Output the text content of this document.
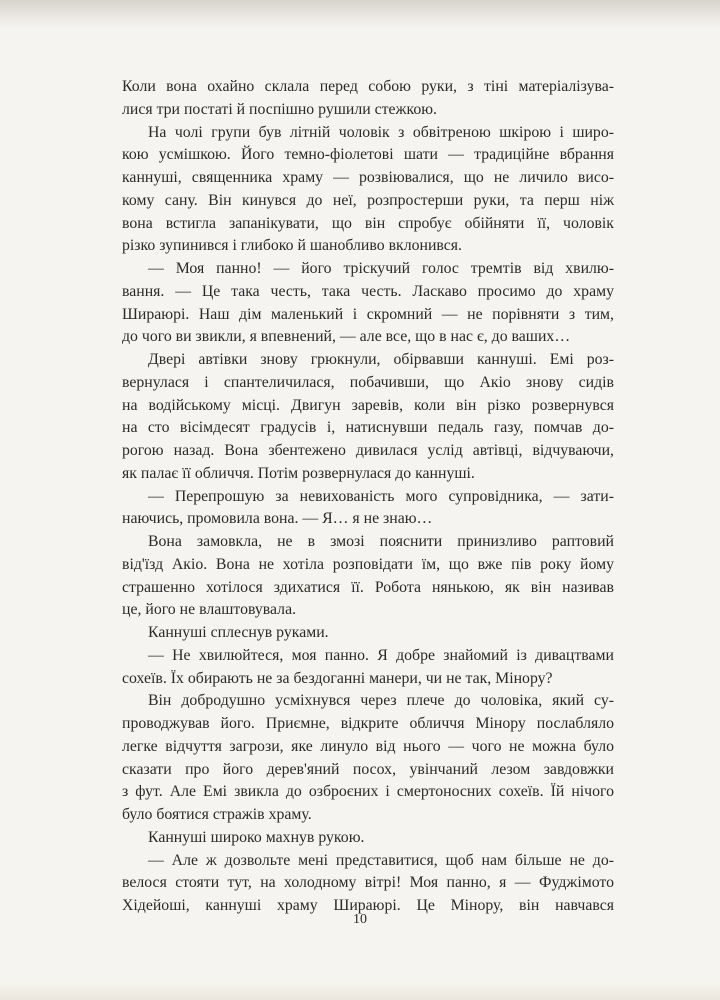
Коли вона охайно склала перед собою руки, з тіні матеріалізува-
лися три постаті й поспішно рушили стежкою.
На чолі групи був літній чоловік з обвітреною шкірою і широ-
кою усмішкою. Його темно-фіолетові шати — традиційне вбрання
каннуші, священника храму — розвіювалися, що не личило висо-
кому сану. Він кинувся до неї, розпростерши руки, та перш ніж
вона встигла запанікувати, що він спробує обійняти її, чоловік
різко зупинився і глибоко й шанобливо вклонився.
— Моя панно! — його тріскучий голос тремтів від хвилю-
вання. — Це така честь, така честь. Ласкаво просимо до храму
Шираюрі. Наш дім маленький і скромний — не порівняти з тим,
до чого ви звикли, я впевнений, — але все, що в нас є, до ваших…
Двері автівки знову грюкнули, обірвавши каннуші. Емі роз-
вернулася і спантеличилася, побачивши, що Акіо знову сидів
на водійському місці. Двигун заревів, коли він різко розвернувся
на сто вісімдесят градусів і, натиснувши педаль газу, помчав до-
рогою назад. Вона збентежено дивилася услід автівці, відчуваючи,
як палає її обличчя. Потім розвернулася до каннуші.
— Перепрошую за невихованість мого супровідника, — зати-
наючись, промовила вона. — Я… я не знаю…
Вона замовкла, не в змозі пояснити принизливо раптовий
від'їзд Акіо. Вона не хотіла розповідати їм, що вже пів року йому
страшенно хотілося здихатися її. Робота нянькою, як він називав
це, його не влаштовувала.
Каннуші сплеснув руками.
— Не хвилюйтеся, моя панно. Я добре знайомий із дивацтвами
сохеїв. Їх обирають не за бездоганні манери, чи не так, Мінору?
Він добродушно усміхнувся через плече до чоловіка, який су-
проводжував його. Приємне, відкрите обличчя Мінору послабляло
легке відчуття загрози, яке линуло від нього — чого не можна було
сказати про його дерев'яний посох, увінчаний лезом завдовжки
з фут. Але Емі звикла до озброєних і смертоносних сохеїв. Їй нічого
було боятися стражів храму.
Каннуші широко махнув рукою.
— Але ж дозвольте мені представитися, щоб нам більше не до-
велося стояти тут, на холодному вітрі! Моя панно, я — Фуджімото
Хідейоші, каннуші храму Шираюрі. Це Мінору, він навчався
10
